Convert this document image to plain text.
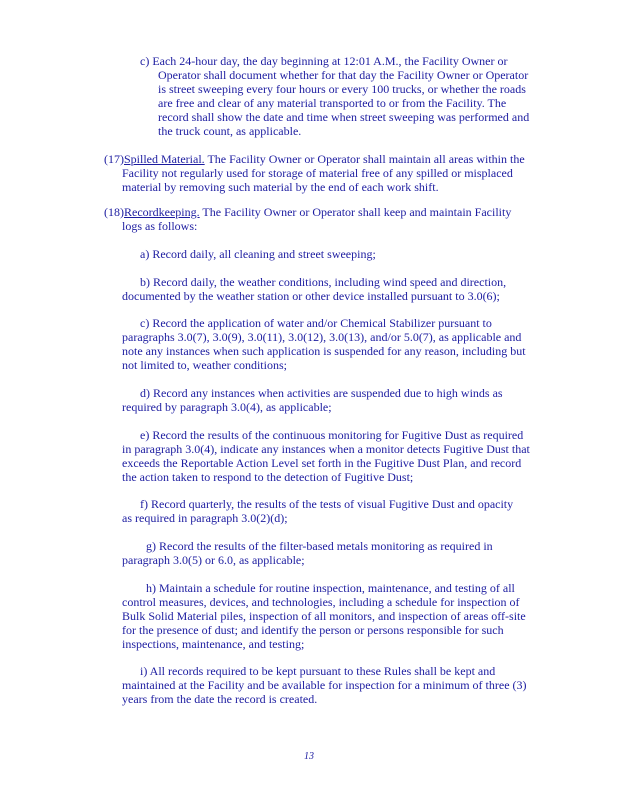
c) Each 24-hour day, the day beginning at 12:01 A.M., the Facility Owner or
Operator shall document whether for that day the Facility Owner or Operator
is street sweeping every four hours or every 100 trucks, or whether the roads
are free and clear of any material transported to or from the Facility. The
record shall show the date and time when street sweeping was performed and
the truck count, as applicable.
(17)Spilled Material. The Facility Owner or Operator shall maintain all areas within the
Facility not regularly used for storage of material free of any spilled or misplaced
material by removing such material by the end of each work shift.
(18)Recordkeeping. The Facility Owner or Operator shall keep and maintain Facility
logs as follows:
a) Record daily, all cleaning and street sweeping;
b) Record daily, the weather conditions, including wind speed and direction,
documented by the weather station or other device installed pursuant to 3.0(6);
c) Record the application of water and/or Chemical Stabilizer pursuant to
paragraphs 3.0(7), 3.0(9), 3.0(11), 3.0(12), 3.0(13), and/or 5.0(7), as applicable and
note any instances when such application is suspended for any reason, including but
not limited to, weather conditions;
d) Record any instances when activities are suspended due to high winds as
required by paragraph 3.0(4), as applicable;
e) Record the results of the continuous monitoring for Fugitive Dust as required
in paragraph 3.0(4), indicate any instances when a monitor detects Fugitive Dust that
exceeds the Reportable Action Level set forth in the Fugitive Dust Plan, and record
the action taken to respond to the detection of Fugitive Dust;
f) Record quarterly, the results of the tests of visual Fugitive Dust and opacity
as required in paragraph 3.0(2)(d);
g) Record the results of the filter-based metals monitoring as required in
paragraph 3.0(5) or 6.0, as applicable;
h) Maintain a schedule for routine inspection, maintenance, and testing of all
control measures, devices, and technologies, including a schedule for inspection of
Bulk Solid Material piles, inspection of all monitors, and inspection of areas off-site
for the presence of dust; and identify the person or persons responsible for such
inspections, maintenance, and testing;
i) All records required to be kept pursuant to these Rules shall be kept and
maintained at the Facility and be available for inspection for a minimum of three (3)
years from the date the record is created.
13
